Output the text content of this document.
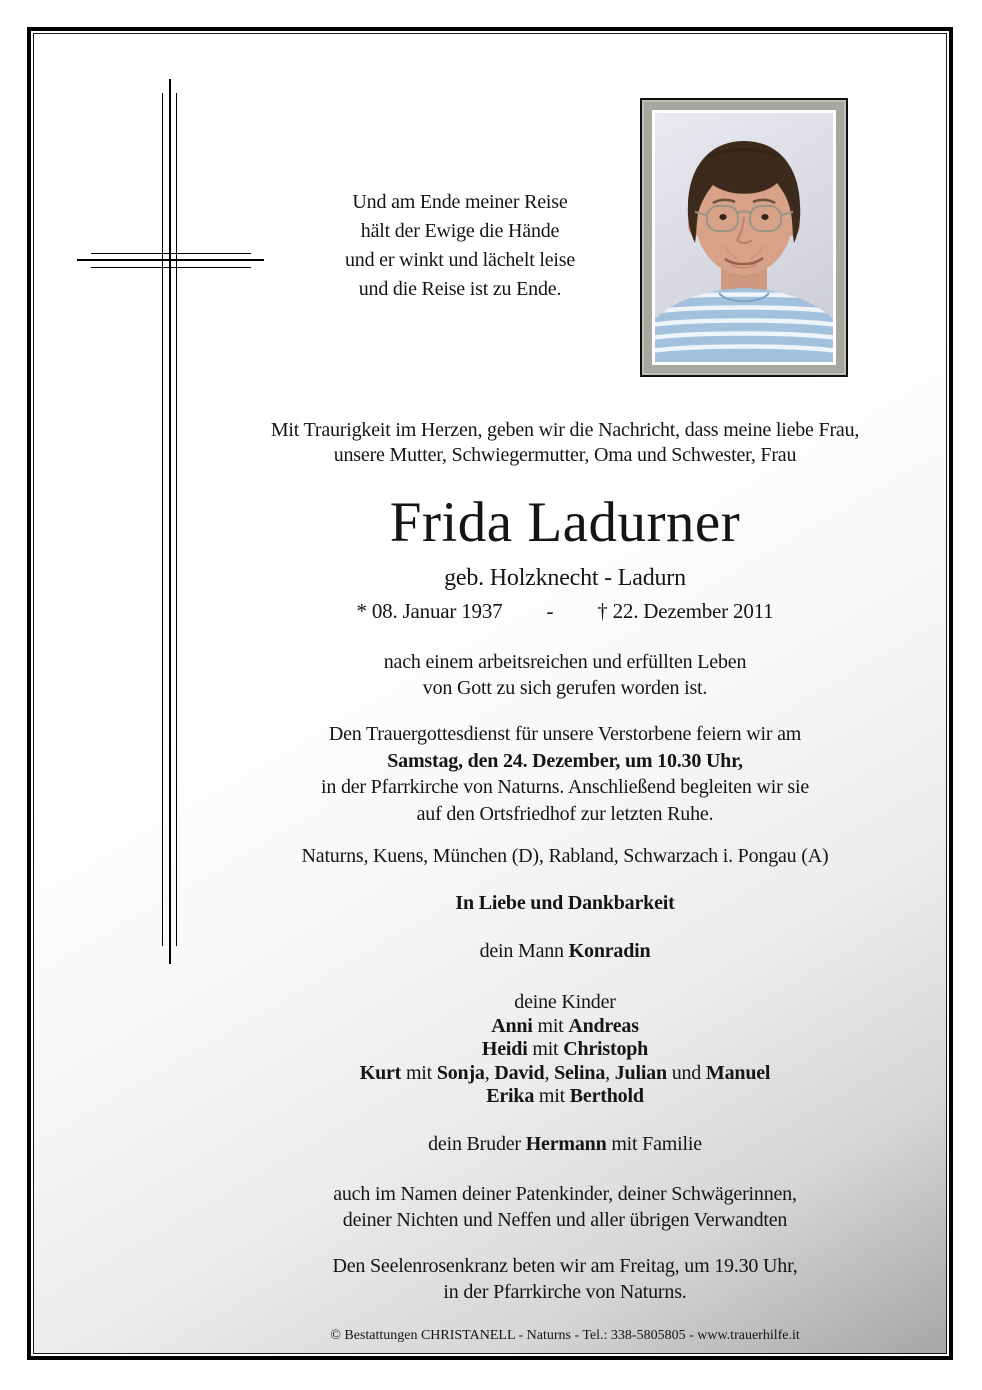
Und am Ende meiner Reise
hält der Ewige die Hände
und er winkt und lächelt leise
und die Reise ist zu Ende.
Mit Traurigkeit im Herzen, geben wir die Nachricht, dass meine liebe Frau,
unsere Mutter, Schwiegermutter, Oma und Schwester, Frau
Frida Ladurner
geb. Holzknecht - Ladurn
* 08. Januar 1937 - † 22. Dezember 2011
nach einem arbeitsreichen und erfüllten Leben
von Gott zu sich gerufen worden ist.
Den Trauergottesdienst für unsere Verstorbene feiern wir am
Samstag, den 24. Dezember, um 10.30 Uhr,
in der Pfarrkirche von Naturns. Anschließend begleiten wir sie
auf den Ortsfriedhof zur letzten Ruhe.
Naturns, Kuens, München (D), Rabland, Schwarzach i. Pongau (A)
In Liebe und Dankbarkeit
dein Mann Konradin
deine Kinder
Anni mit Andreas
Heidi mit Christoph
Kurt mit Sonja, David, Selina, Julian und Manuel
Erika mit Berthold
dein Bruder Hermann mit Familie
auch im Namen deiner Patenkinder, deiner Schwägerinnen,
deiner Nichten und Neffen und aller übrigen Verwandten
Den Seelenrosenkranz beten wir am Freitag, um 19.30 Uhr,
in der Pfarrkirche von Naturns.
© Bestattungen CHRISTANELL - Naturns - Tel.: 338-5805805 - www.trauerhilfe.it
